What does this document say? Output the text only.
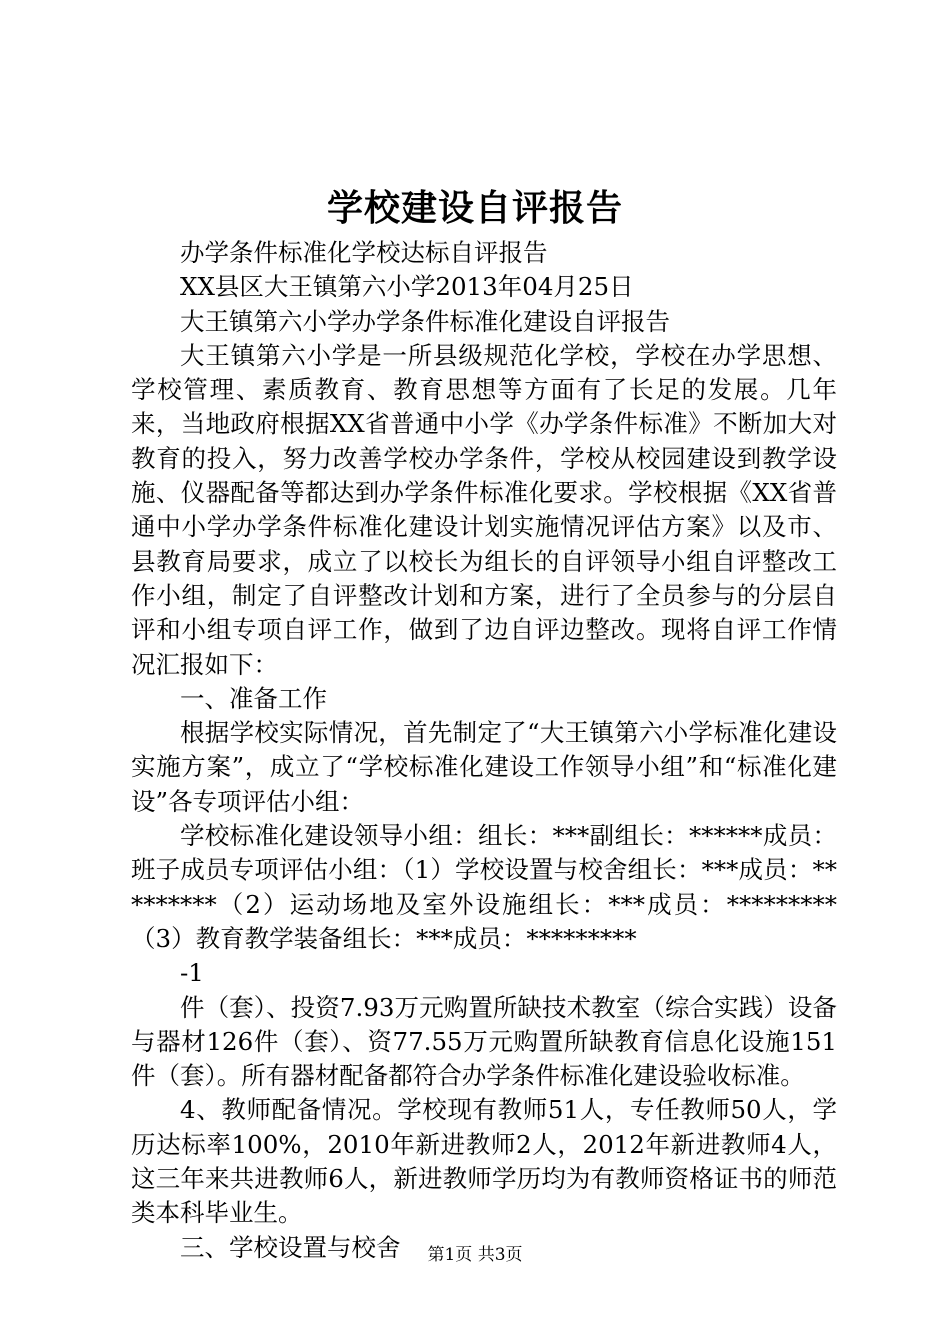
学校建设自评报告

办学条件标准化学校达标自评报告

XX县区大王镇第六小学2013年04月25日

大王镇第六小学办学条件标准化建设自评报告

大王镇第六小学是一所县级规范化学校，学校在办学思想、学校管理、素质教育、教育思想等方面有了长足的发展。几年来，当地政府根据XX省普通中小学《办学条件标准》不断加大对教育的投入，努力改善学校办学条件，学校从校园建设到教学设施、仪器配备等都达到办学条件标准化要求。学校根据《XX省普通中小学办学条件标准化建设计划实施情况评估方案》以及市、县教育局要求，成立了以校长为组长的自评领导小组自评整改工作小组，制定了自评整改计划和方案，进行了全员参与的分层自评和小组专项自评工作，做到了边自评边整改。现将自评工作情况汇报如下：

一、准备工作

根据学校实际情况，首先制定了“大王镇第六小学标准化建设实施方案”，成立了“学校标准化建设工作领导小组”和“标准化建设”各专项评估小组：

学校标准化建设领导小组：组长：***副组长：******成员：班子成员专项评估小组：（1）学校设置与校舍组长：***成员：*********（2）运动场地及室外设施组长：***成员：*********（3）教育教学装备组长：***成员：*********

-1

件（套）、投资7.93万元购置所缺技术教室（综合实践）设备与器材126件（套）、资77.55万元购置所缺教育信息化设施151件（套）。所有器材配备都符合办学条件标准化建设验收标准。

4、教师配备情况。学校现有教师51人，专任教师50人，学历达标率100%，2010年新进教师2人，2012年新进教师4人，这三年来共进教师6人，新进教师学历均为有教师资格证书的师范类本科毕业生。

三、学校设置与校舍	第1页 共3页
